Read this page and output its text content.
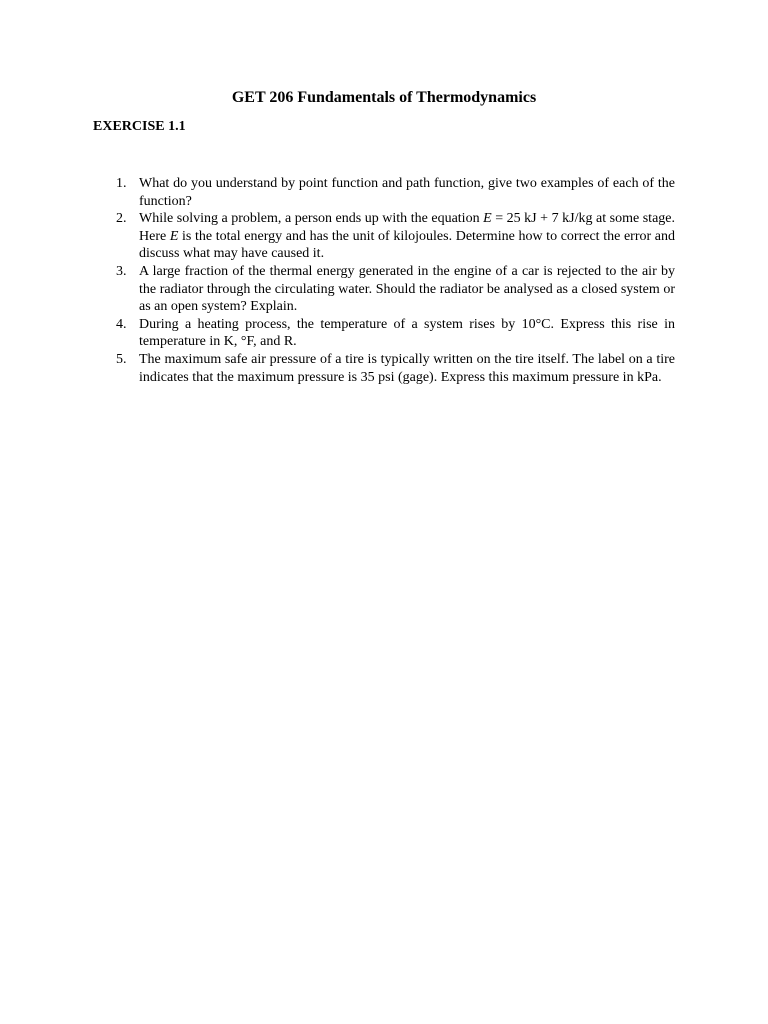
GET 206 Fundamentals of Thermodynamics
EXERCISE 1.1
1. What do you understand by point function and path function, give two examples of each of the function?
2. While solving a problem, a person ends up with the equation E = 25 kJ + 7 kJ/kg at some stage. Here E is the total energy and has the unit of kilojoules. Determine how to correct the error and discuss what may have caused it.
3. A large fraction of the thermal energy generated in the engine of a car is rejected to the air by the radiator through the circulating water. Should the radiator be analysed as a closed system or as an open system? Explain.
4. During a heating process, the temperature of a system rises by 10°C. Express this rise in temperature in K, °F, and R.
5. The maximum safe air pressure of a tire is typically written on the tire itself. The label on a tire indicates that the maximum pressure is 35 psi (gage). Express this maximum pressure in kPa.
